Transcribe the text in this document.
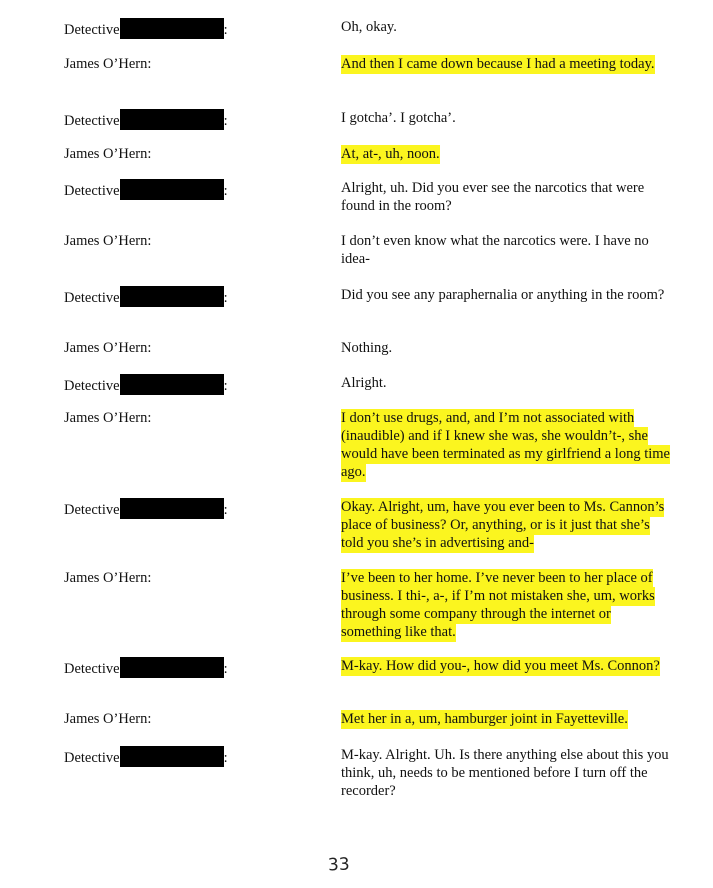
Detective	:	Oh, okay.
James O’Hern:	And then I came down because I had a meeting today.
Detective	:	I gotcha’. I gotcha’.
James O’Hern:	At, at-, uh, noon.
Detective	:	Alright, uh. Did you ever see the narcotics that were found in the room?
James O’Hern:	I don’t even know what the narcotics were. I have no idea-
Detective	:	Did you see any paraphernalia or anything in the room?
James O’Hern:	Nothing.
Detective	:	Alright.
James O’Hern:	I don’t use drugs, and, and I’m not associated with (inaudible) and if I knew she was, she wouldn’t-, she would have been terminated as my girlfriend a long time ago.
Detective	:	Okay. Alright, um, have you ever been to Ms. Cannon’s place of business? Or, anything, or is it just that she’s told you she’s in advertising and-
James O’Hern:	I’ve been to her home. I’ve never been to her place of business. I thi-, a-, if I’m not mistaken she, um, works through some company through the internet or something like that.
Detective	:	M-kay. How did you-, how did you meet Ms. Connon?
James O’Hern:	Met her in a, um, hamburger joint in Fayetteville.
Detective	:	M-kay. Alright. Uh. Is there anything else about this you think, uh, needs to be mentioned before I turn off the recorder?
33
